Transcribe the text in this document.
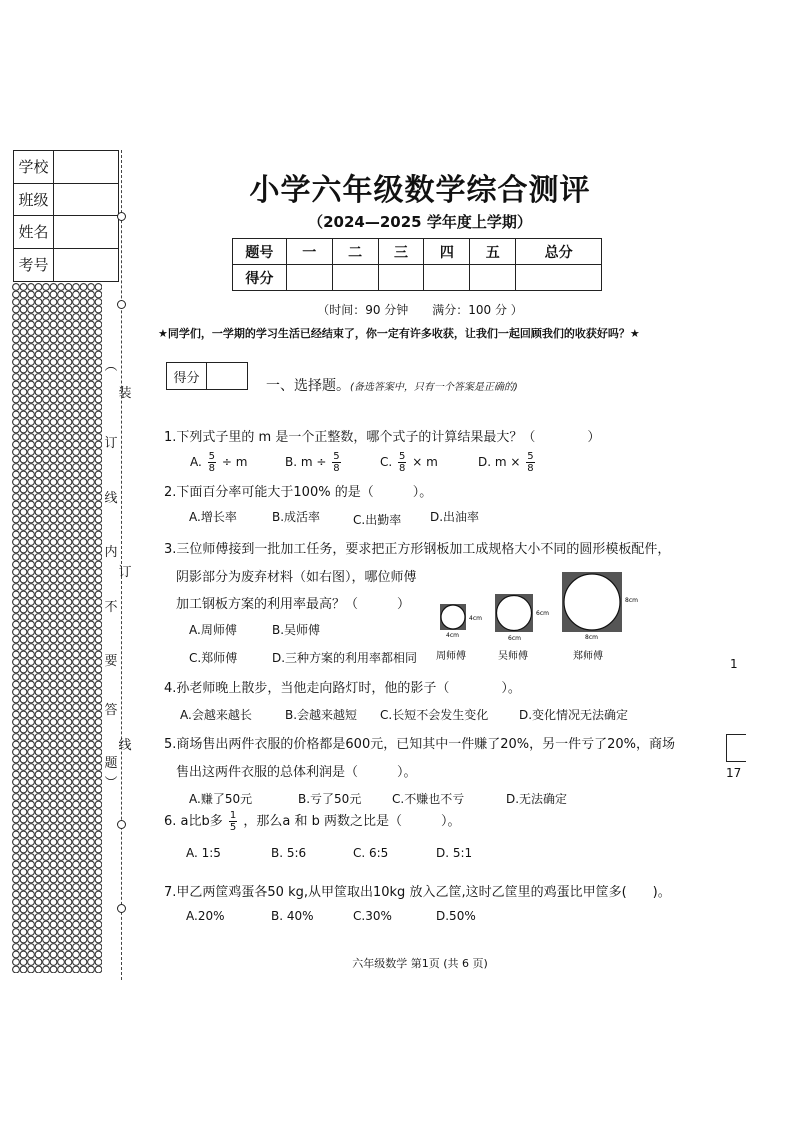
学校
班级
姓名
考号
︵
装
订
线
内
订
不
要
答
线
题
︶
小学六年级数学综合测评
（2024—2025 学年度上学期）
题号	一	二	三	四	五	总分
得分						
（时间：90 分钟　　满分：100 分 ）
★同学们，一学期的学习生活已经结束了，你一定有许多收获，让我们一起回顾我们的收获好吗？★
得分	一、选择题。(备选答案中，只有一个答案是正确的)
1.下列式子里的 m 是一个正整数，哪个式子的计算结果最大？（　　　　）
A. $\frac{5}{8} \div m$	B. $m \div \frac{5}{8}$	C. $\frac{5}{8} \times m$	D. $m \times \frac{5}{8}$
2.下面百分率可能大于100% 的是（　　　）。
A.增长率	B.成活率	C.出勤率 D.出油率
3.三位师傅接到一批加工任务，要求把正方形钢板加工成规格大小不同的圆形模板配件，
阴影部分为废弃材料（如右图），哪位师傅
加工钢板方案的利用率最高？（　　　）
A.周师傅	B.吴师傅
C.郑师傅	D.三种方案的利用率都相同
4cm
4cm
6cm
6cm
8cm
8cm
周师傅	吴师傅	郑师傅
4.孙老师晚上散步，当他走向路灯时，他的影子（　　　　）。
A.会越来越长	B.会越来越短 C.长短不会发生变化	D.变化情况无法确定
5.商场售出两件衣服的价格都是600元，已知其中一件赚了20%，另一件亏了20%，商场
售出这两件衣服的总体利润是（　　　）。
A.赚了50元	B.亏了50元	C.不赚也不亏	D.无法确定
6. a比b多 $\frac{1}{5}$ ，那么a 和 b 两数之比是（　　　）。
A. 1:5	B. 5:6	C. 6:5	D. 5:1
7.甲乙两筐鸡蛋各50 kg,从甲筐取出10kg 放入乙筐,这时乙筐里的鸡蛋比甲筐多(　　)。
A.20%	B. 40%	C.30%	D.50%
六年级数学 第1页 (共 6 页)
1
17
